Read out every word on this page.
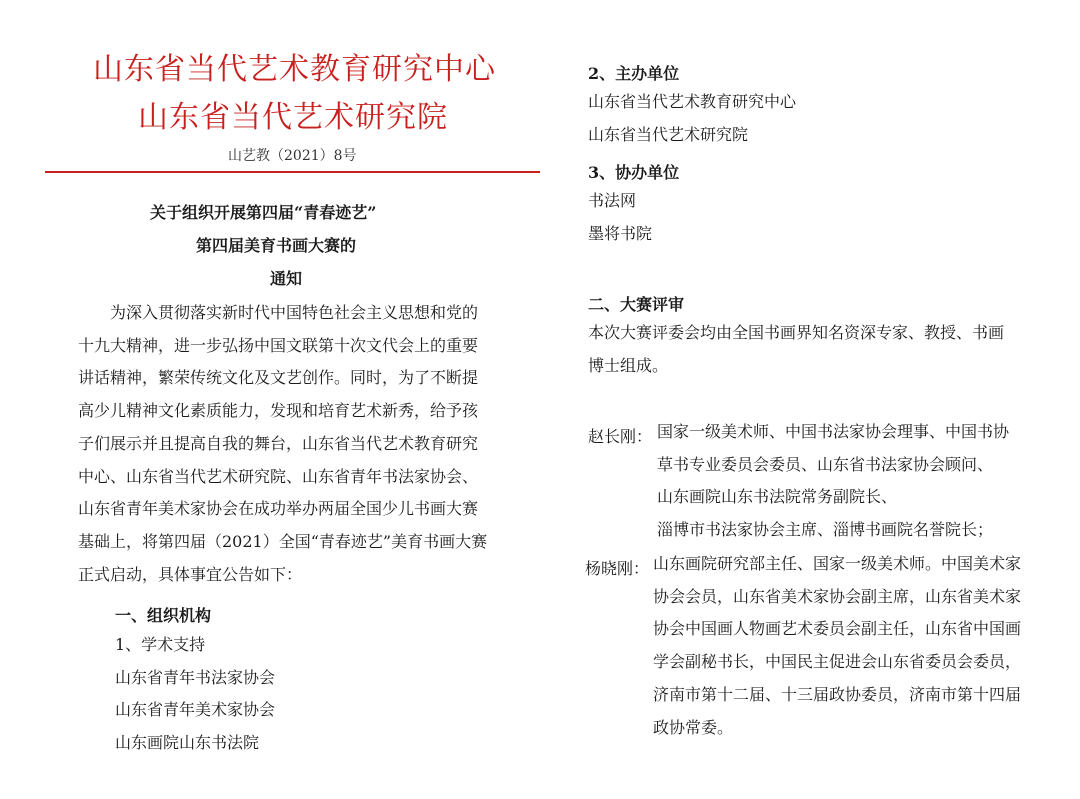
山东省当代艺术教育研究中心
山东省当代艺术研究院
山艺教（2021）8号
关于组织开展第四届“青春迹艺”
第四届美育书画大赛的
通知
为深入贯彻落实新时代中国特色社会主义思想和党的
十九大精神，进一步弘扬中国文联第十次文代会上的重要
讲话精神，繁荣传统文化及文艺创作。同时，为了不断提
高少儿精神文化素质能力，发现和培育艺术新秀，给予孩
子们展示并且提高自我的舞台，山东省当代艺术教育研究
中心、山东省当代艺术研究院、山东省青年书法家协会、
山东省青年美术家协会在成功举办两届全国少儿书画大赛
基础上，将第四届（2021）全国“青春迹艺”美育书画大赛
正式启动，具体事宜公告如下：
一、组织机构
1、学术支持
山东省青年书法家协会
山东省青年美术家协会
山东画院山东书法院
2、主办单位
山东省当代艺术教育研究中心
山东省当代艺术研究院
3、协办单位
书法网
墨将书院
二、大赛评审
本次大赛评委会均由全国书画界知名资深专家、教授、书画
博士组成。
赵长刚： 国家一级美术师、中国书法家协会理事、中国书协
草书专业委员会委员、山东省书法家协会顾问、
山东画院山东书法院常务副院长、
淄博市书法家协会主席、淄博书画院名誉院长；
杨晓刚： 山东画院研究部主任、国家一级美术师。中国美术家
协会会员，山东省美术家协会副主席，山东省美术家
协会中国画人物画艺术委员会副主任，山东省中国画
学会副秘书长，中国民主促进会山东省委员会委员，
济南市第十二届、十三届政协委员，济南市第十四届
政协常委。
